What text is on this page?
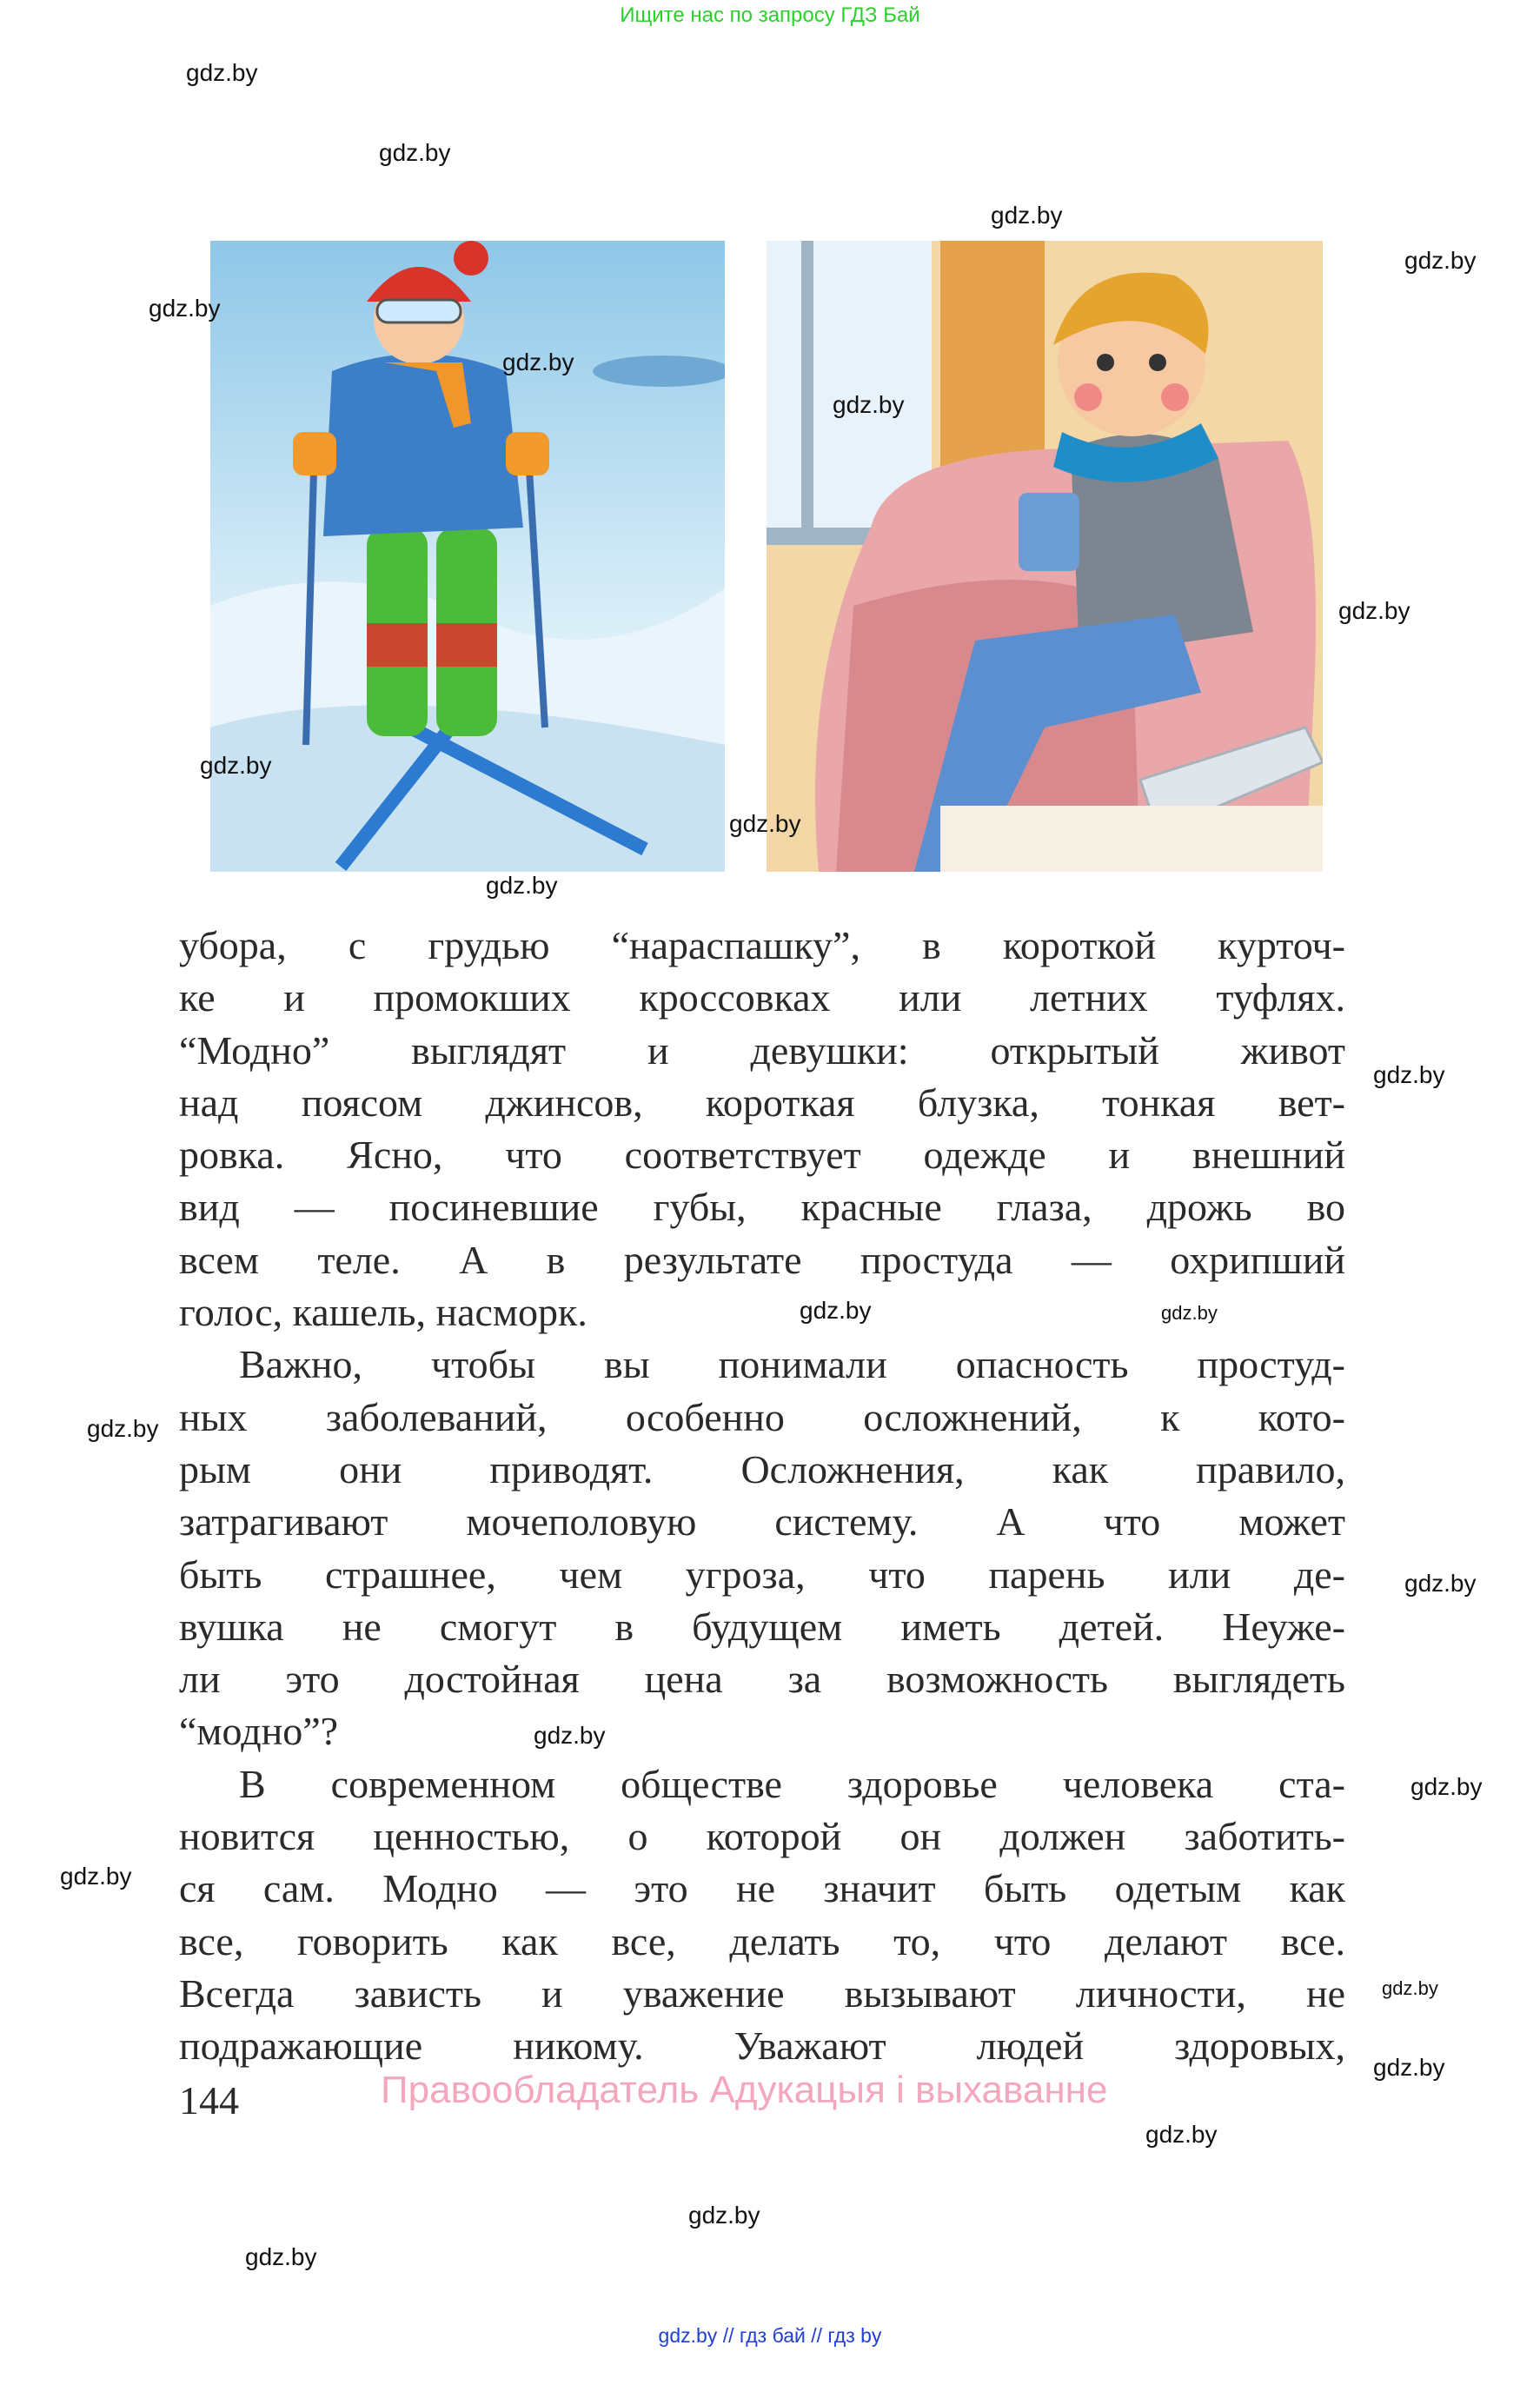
Ищите нас по запросу ГДЗ Бай
убора, с грудью “нараспашку”, в короткой курточ-
ке и промокших кроссовках или летних туфлях.
“Модно” выглядят и девушки: открытый живот
над поясом джинсов, короткая блузка, тонкая вет-
ровка. Ясно, что соответствует одежде и внешний
вид — посиневшие губы, красные глаза, дрожь во
всем теле. А в результате простуда — охрипший
голос, кашель, насморк.
Важно, чтобы вы понимали опасность простуд-
ных заболеваний, особенно осложнений, к кото-
рым они приводят. Осложнения, как правило,
затрагивают мочеполовую систему. А что может
быть страшнее, чем угроза, что парень или де-
вушка не смогут в будущем иметь детей. Неуже-
ли это достойная цена за возможность выглядеть
“модно”?
В современном обществе здоровье человека ста-
новится ценностью, о которой он должен заботить-
ся сам. Модно — это не значит быть одетым как
все, говорить как все, делать то, что делают все.
Всегда зависть и уважение вызывают личности, не
подражающие никому. Уважают людей здоровых,
144	Правообладатель Адукацыя і выхаванне
gdz.by
gdz.by
gdz.by
gdz.by
gdz.by
gdz.by
gdz.by
gdz.by
gdz.by
gdz.by
gdz.by
gdz.by
gdz.by	gdz.by
gdz.by
gdz.by
gdz.by
gdz.by
gdz.by
gdz.by
gdz.by
gdz.by
gdz.by
gdz.by
gdz.by // гдз бай // гдз by
